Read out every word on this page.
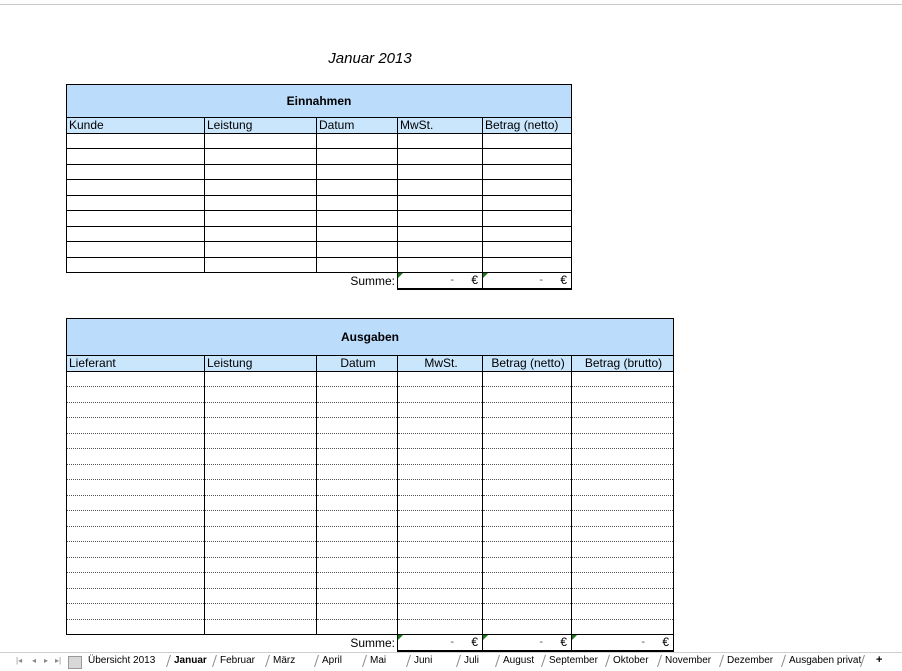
Januar 2013
Einnahmen				
Kunde	Leistung	Datum	MwSt.	Betrag (netto)

		Summe:	- €	- €
Ausgaben					
Lieferant	Leistung	Datum	MwSt.	Betrag (netto)	Betrag (brutto)

		Summe:	- €	- €	- €
|◂ ◂ ▸ ▸|	Übersicht 2013 Januar Februar März	April	Mai	Juni	Juli August September Oktober November Dezember Ausgaben privat +
